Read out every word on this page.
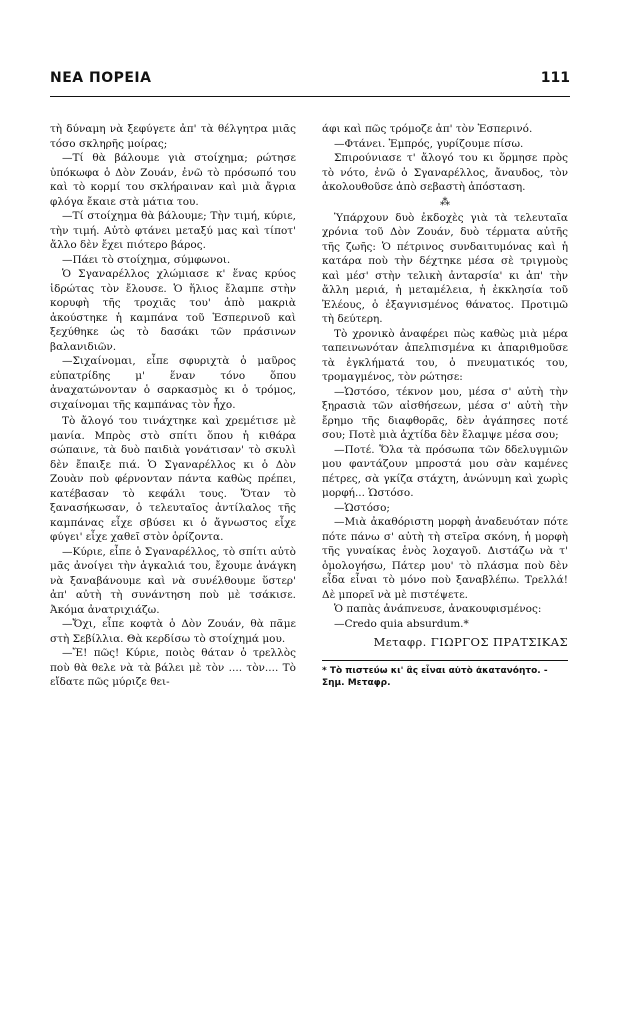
ΝΕΑ ΠΟΡΕΙΑ	111

τὴ δύναμη νὰ ξεφύγετε ἀπ' τὰ θέλγητρα μιᾶς τόσο σκληρῆς μοίρας;

—Τί θὰ βάλουμε γιὰ στοίχημα; ρώτησε ὑπόκωφα ὁ Δὸν Ζουάν, ἐνῶ τὸ πρόσωπό του καὶ τὸ κορμί του σκλήραιναν καὶ μιὰ ἄγρια φλόγα ἔκαιε στὰ μάτια του.

—Τί στοίχημα θὰ βάλουμε; Τὴν τιμή, κύριε, τὴν τιμή. Αὐτὸ φτάνει μεταξύ μας καὶ τίποτ' ἄλλο δὲν ἔχει πιότερο βάρος.

—Πάει τὸ στοίχημα, σύμφωνοι.

Ὁ Σγαναρέλλος χλώμιασε κ' ἕνας κρύος ἱδρώτας τὸν ἔλουσε. Ὁ ἥλιος ἔλαμπε στὴν κορυφὴ τῆς τροχιᾶς του' ἀπὸ μακριὰ ἀκούστηκε ἡ καμπάνα τοῦ Ἑσπερινοῦ καὶ ξεχύθηκε ὡς τὸ δασάκι τῶν πράσινων βαλανιδιῶν.

—Σιχαίνομαι, εἶπε σφυριχτὰ ὁ μαῦρος εὐπατρίδης μ' ἕναν τόνο ὅπου ἀναχατώνονταν ὁ σαρκασμὸς κι ὁ τρόμος, σιχαίνομαι τῆς καμπάνας τὸν ἦχο.

Τὸ ἄλογό του τινάχτηκε καὶ χρεμέτισε μὲ μανία. Μπρὸς στὸ σπίτι ὅπου ἡ κιθάρα σώπαινε, τὰ δυὸ παιδιὰ γονάτισαν' τὸ σκυλὶ δὲν ἔπαιξε πιά. Ὁ Σγαναρέλλος κι ὁ Δὸν Ζουὰν ποὺ φέρνονταν πάντα καθὼς πρέπει, κατέβασαν τὸ κεφάλι τους. Ὅταν τὸ ξανασήκωσαν, ὁ τελευταῖος ἀντίλαλος τῆς καμπάνας εἶχε σβύσει κι ὁ ἄγνωστος εἶχε φύγει' εἶχε χαθεῖ στὸν ὁρίζοντα.

—Κύριε, εἶπε ὁ Σγαναρέλλος, τὸ σπίτι αὐτὸ μᾶς ἀνοίγει τὴν ἀγκαλιά του, ἔχουμε ἀνάγκη νὰ ξαναβάνουμε καὶ νὰ συνέλθουμε ὕστερ' ἀπ' αὐτὴ τὴ συνάντηση ποὺ μὲ τσάκισε. Ἀκόμα ἀνατριχιάζω.

—Ὄχι, εἶπε κοφτὰ ὁ Δὸν Ζουάν, θὰ πᾶμε στὴ Σεβίλλια. Θὰ κερδίσω τὸ στοίχημά μου.

—Ἔ! πῶς! Κύριε, ποιὸς θάταν ὁ τρελλὸς ποὺ θὰ θελε νὰ τὰ βάλει μὲ τὸν .... τὸν.... Τὸ εἴδατε πῶς μύριζε θει-

άφι καὶ πῶς τρόμοζε ἀπ' τὸν Ἑσπερινό.

—Φτάνει. Ἐμπρός, γυρίζουμε πίσω.

Σπιρούνιασε τ' ἄλογό του κι ὅρμησε πρὸς τὸ νότο, ἐνῶ ὁ Σγαναρέλλος, ἄναυδος, τὸν ἀκολουθοῦσε ἀπὸ σεβαστὴ ἀπόσταση.

⁂

Ὑπάρχουν δυὸ ἐκδοχὲς γιὰ τὰ τελευταῖα χρόνια τοῦ Δὸν Ζουάν, δυὸ τέρματα αὐτῆς τῆς ζωῆς: Ὁ πέτρινος συνδαιτυμόνας καὶ ἡ κατάρα ποὺ τὴν δέχτηκε μέσα σὲ τριγμοὺς καὶ μέσ' στὴν τελικὴ ἀνταρσία' κι ἀπ' τὴν ἄλλη μεριά, ἡ μεταμέλεια, ἡ ἐκκλησία τοῦ Ἐλέους, ὁ ἐξαγνισμένος θάνατος. Προτιμῶ τὴ δεύτερη.

Τὸ χρονικὸ ἀναφέρει πὼς καθὼς μιὰ μέρα ταπεινωνόταν ἀπελπισμένα κι ἀπαριθμοῦσε τὰ ἐγκλήματά του, ὁ πνευματικός του, τρομαγμένος, τὸν ρώτησε:

—Ὡστόσο, τέκνον μου, μέσα σ' αὐτὴ τὴν ξηρασιὰ τῶν αἰσθήσεων, μέσα σ' αὐτὴ τὴν ἔρημο τῆς διαφθορᾶς, δὲν ἀγάπησες ποτέ σου; Ποτὲ μιὰ ἀχτίδα δὲν ἔλαμψε μέσα σου;

—Ποτέ. Ὅλα τὰ πρόσωπα τῶν δδελυγμιῶν μου φαντάζουν μπροστά μου σὰν καμένες πέτρες, σὰ γκίζα στάχτη, ἀνώνυμη καὶ χωρὶς μορφή... Ὡστόσο.

—Ὡστόσο;

—Μιὰ ἀκαθόριστη μορφὴ ἀναδευόταν πότε πότε πάνω σ' αὐτὴ τὴ στεῖρα σκόνη, ἡ μορφὴ τῆς γυναίκας ἑνὸς λοχαγοῦ. Διστάζω νὰ τ' ὁμολογήσω, Πάτερ μου' τὸ πλάσμα ποὺ δὲν εἶδα εἶναι τὸ μόνο ποὺ ξαναβλέπω. Τρελλά! Δὲ μπορεῖ νὰ μὲ πιστέψετε.

Ὁ παπὰς ἀνάπνευσε, ἀνακουφισμένος:

—Credo quia absurdum.*

Μεταφρ. ΓΙΩΡΓΟΣ ΠΡΑΤΣΙΚΑΣ
* Τὸ πιστεύω κι' ἂς εἶναι αὐτὸ ἀκατανόητο. - Σημ. Μεταφρ.
